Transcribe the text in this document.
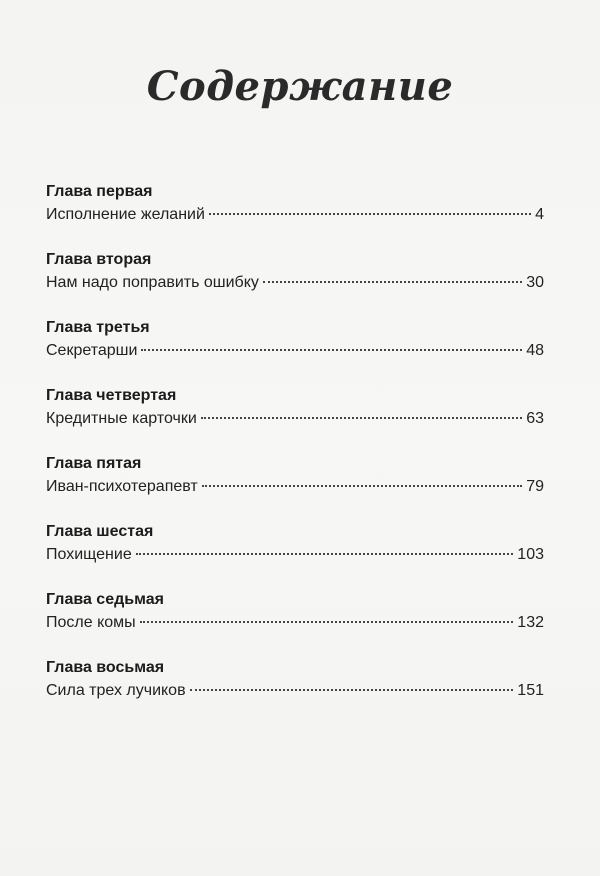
Содержание

Глава первая

Исполнение желаний	4

Глава вторая

Нам надо поправить ошибку	30

Глава третья

Секретарши	48

Глава четвертая

Кредитные карточки	63

Глава пятая

Иван-психотерапевт	79

Глава шестая

Похищение	103

Глава седьмая

После комы	132

Глава восьмая

Сила трех лучиков	151
